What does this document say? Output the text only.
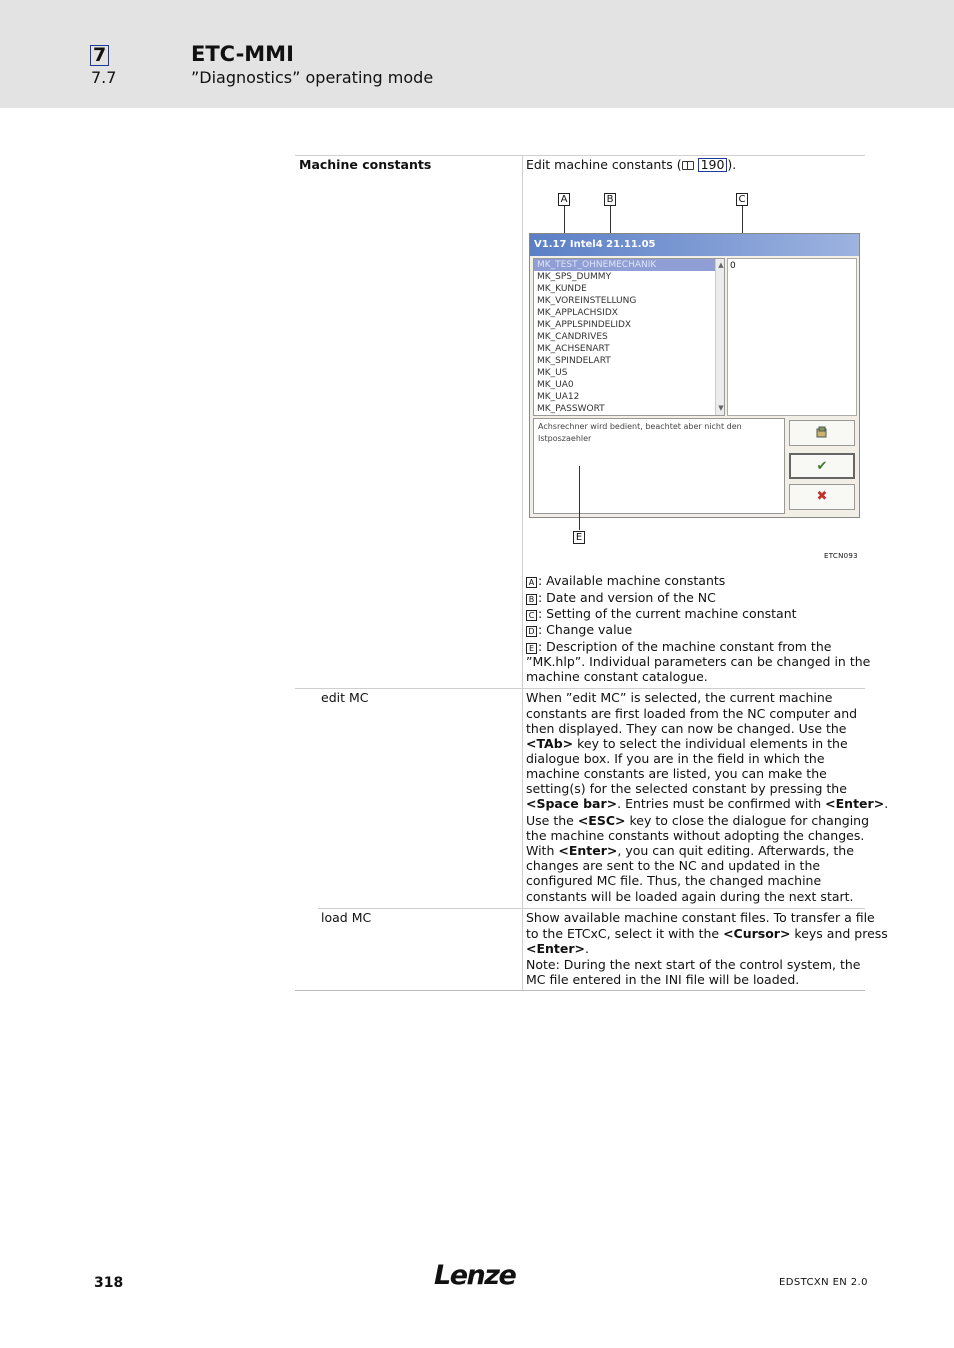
7	ETC-MMI
7.7	”Diagnostics” operating mode
Machine constants	Edit machine constants ( 190 ).
A	B	C
V1.17 Intel4 21.11.05
MK_TEST_OHNEMECHANIK
MK_SPS_DUMMY
MK_KUNDE
MK_VOREINSTELLUNG
MK_APPLACHSIDX
MK_APPLSPINDELIDX
MK_CANDRIVES
MK_ACHSENART
MK_SPINDELART
MK_US
MK_UA0
MK_UA12
MK_PASSWORT
▲
▼
0
Achsrechner wird bedient, beachtet aber nicht den Istposzaehler
✔
✖
E
ETCN093
A : Available machine constants
B : Date and version of the NC
C : Setting of the current machine constant
D : Change value
E : Description of the machine constant from the
”MK.hlp”. Individual parameters can be changed in the
machine constant catalogue.
edit MC	When ”edit MC” is selected, the current machine
constants are first loaded from the NC computer and
then displayed. They can now be changed. Use the
<TAb> key to select the individual elements in the
dialogue box. If you are in the field in which the
machine constants are listed, you can make the
setting(s) for the selected constant by pressing the
<Space bar>. Entries must be confirmed with <Enter>.
Use the <ESC> key to close the dialogue for changing
the machine constants without adopting the changes.
With <Enter>, you can quit editing. Afterwards, the
changes are sent to the NC and updated in the
configured MC file. Thus, the changed machine
constants will be loaded again during the next start.
load MC	Show available machine constant files. To transfer a file
to the ETCxC, select it with the <Cursor> keys and press
<Enter>.
Note: During the next start of the control system, the
MC file entered in the INI file will be loaded.
318	Lenze	EDSTCXN EN 2.0
